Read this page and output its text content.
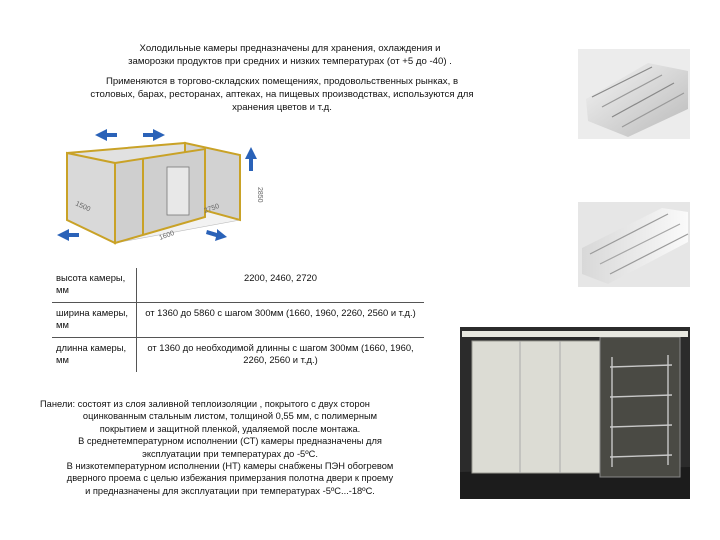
Холодильные камеры предназначены для хранения, охлаждения и
заморозки продуктов при средних и низких температурах (от +5 до -40) .
Применяются в торгово-складских помещениях, продовольственных рынках, в
столовых, барах, ресторанах, аптеках, на пищевых производствах, используются для
хранения цветов и т.д.
1500
1600
2750
2850
высота камеры, мм	2200, 2460, 2720
ширина камеры, мм	от 1360 до 5860 с шагом 300мм (1660, 1960, 2260, 2560 и т.д.)
длинна камеры, мм	от 1360 до необходимой длинны с шагом 300мм (1660, 1960, 2260, 2560 и т.д.)
Панели: состоят из слоя заливной теплоизоляции , покрытого с двух сторон
оцинкованным стальным листом, толщиной 0,55 мм, с полимерным
покрытием и защитной пленкой, удаляемой после монтажа.
В среднетемпературном исполнении (СТ) камеры предназначены для
эксплуатации при температурах до -5ºС.
В низкотемпературном исполнении (НТ) камеры снабжены ПЭН обогревом
дверного проема с целью избежания примерзания полотна двери к проему
и предназначены для эксплуатации при температурах -5ºС...-18ºС.
